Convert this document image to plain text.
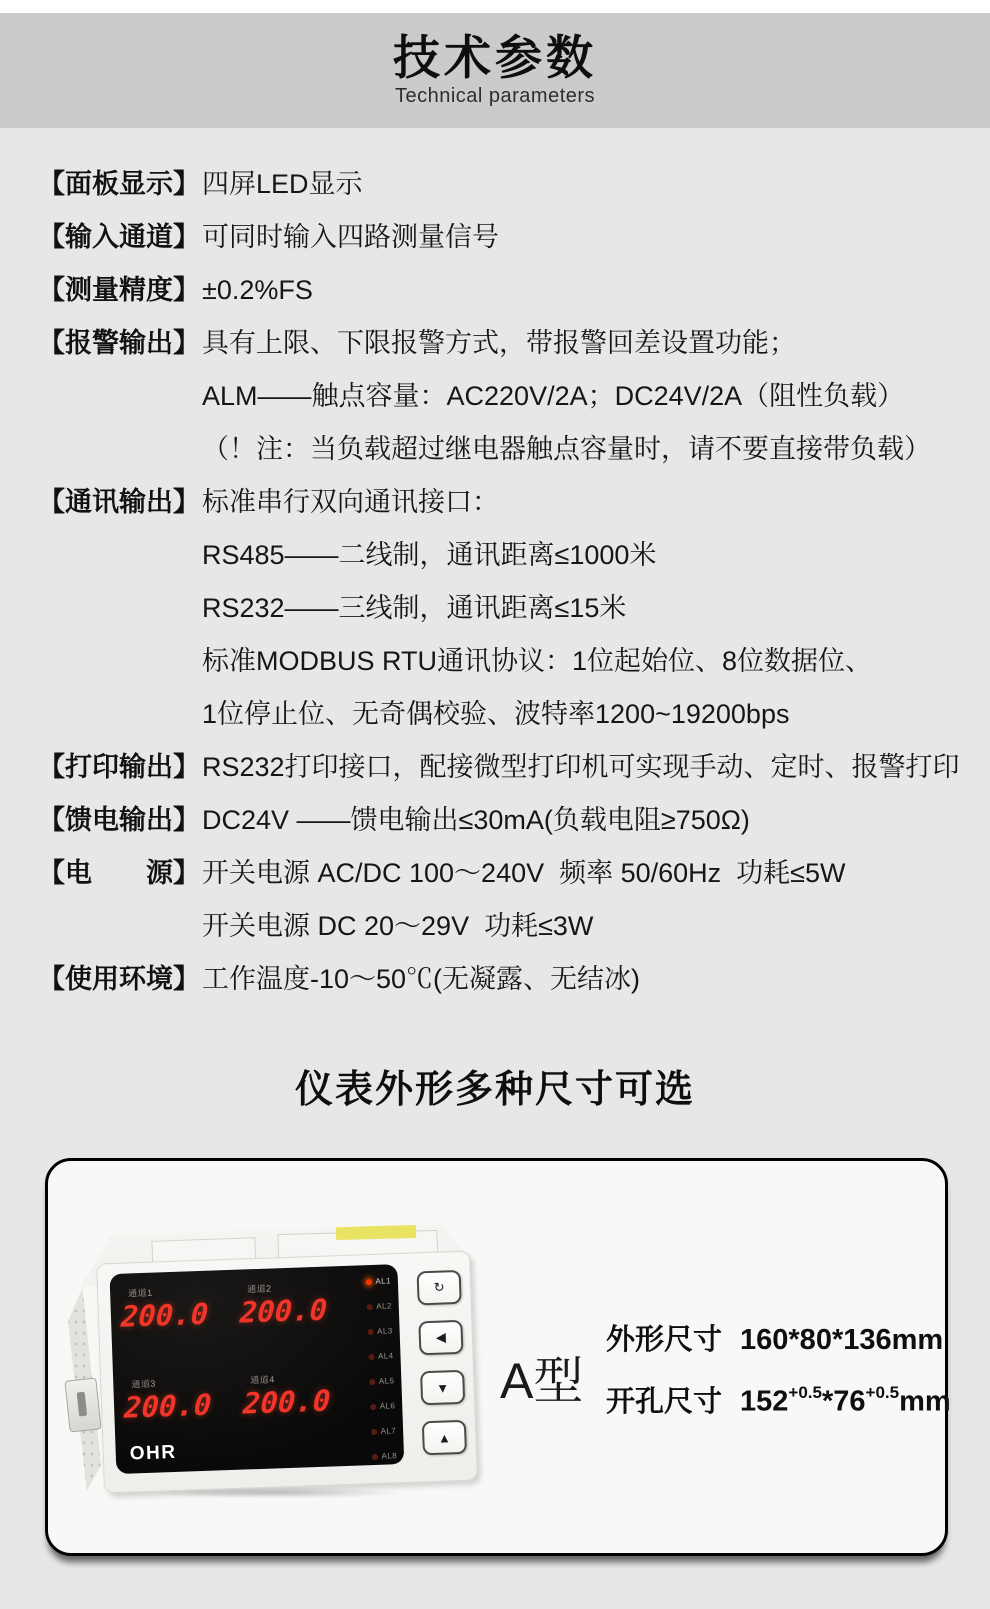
技术参数
Technical parameters
【面板显示】 四屏LED显示
【输入通道】 可同时输入四路测量信号
【测量精度】 ±0.2%FS
【报警输出】 具有上限、下限报警方式，带报警回差设置功能；
ALM——触点容量：AC220V/2A；DC24V/2A（阻性负载）
（！注：当负载超过继电器触点容量时，请不要直接带负载）
【通讯输出】 标准串行双向通讯接口：
RS485——二线制，通讯距离≤1000米
RS232——三线制，通讯距离≤15米
标准MODBUS RTU通讯协议：1位起始位、8位数据位、
1位停止位、无奇偶校验、波特率1200~19200bps
【打印输出】 RS232打印接口，配接微型打印机可实现手动、定时、报警打印
【馈电输出】 DC24V ——馈电输出≤30mA(负载电阻≥750Ω)
【电　　源】 开关电源 AC/DC 100～240V  频率 50/60Hz  功耗≤5W
开关电源 DC 20～29V  功耗≤3W
【使用环境】 工作温度-10～50℃(无凝露、无结冰)
仪表外形多种尺寸可选
通道1
200.0
通道2
200.0
通道3
200.0
通道4
200.0
AL1
AL2
AL3
AL4
AL5
AL6
AL7
AL8
OHR
↻
◀
▼
▲
A型
外形尺寸 160*80*136mm
开孔尺寸 $152^{+0.5}*76^{+0.5}mm$
